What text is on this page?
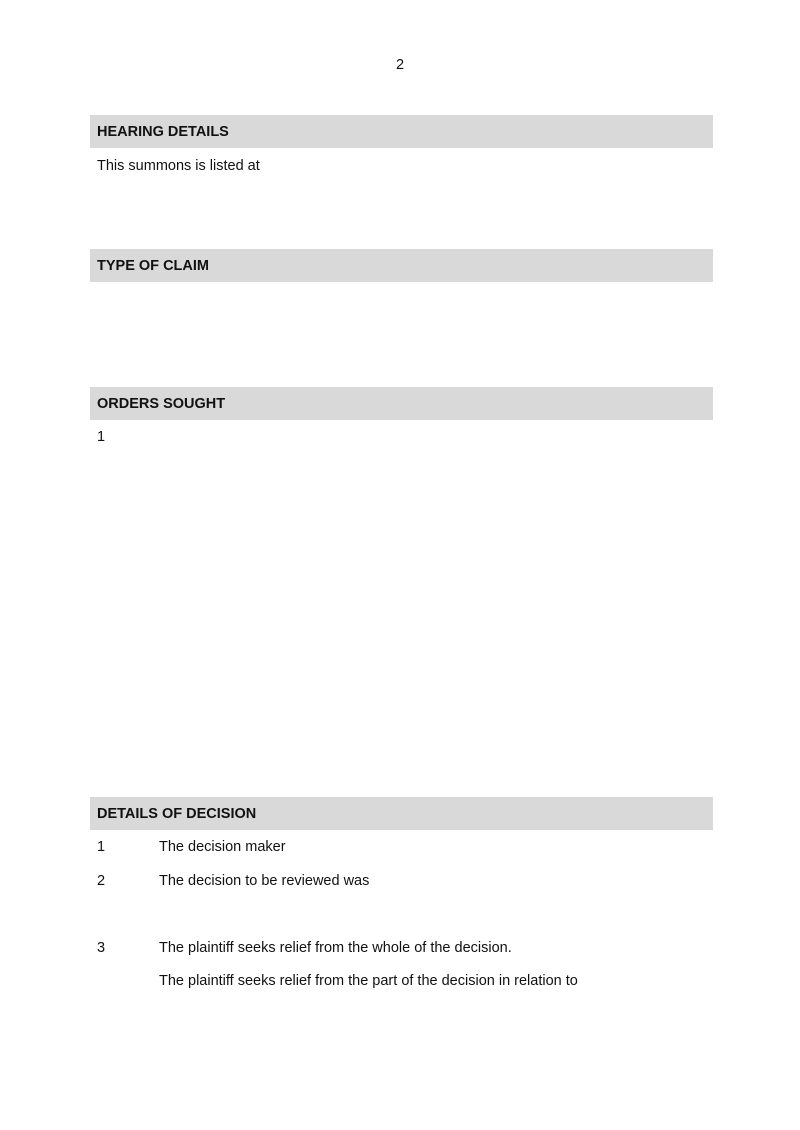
2
HEARING DETAILS
This summons is listed at
TYPE OF CLAIM
ORDERS SOUGHT
1
DETAILS OF DECISION
1	The decision maker
2	The decision to be reviewed was
3	The plaintiff seeks relief from the whole of the decision.
The plaintiff seeks relief from the part of the decision in relation to
